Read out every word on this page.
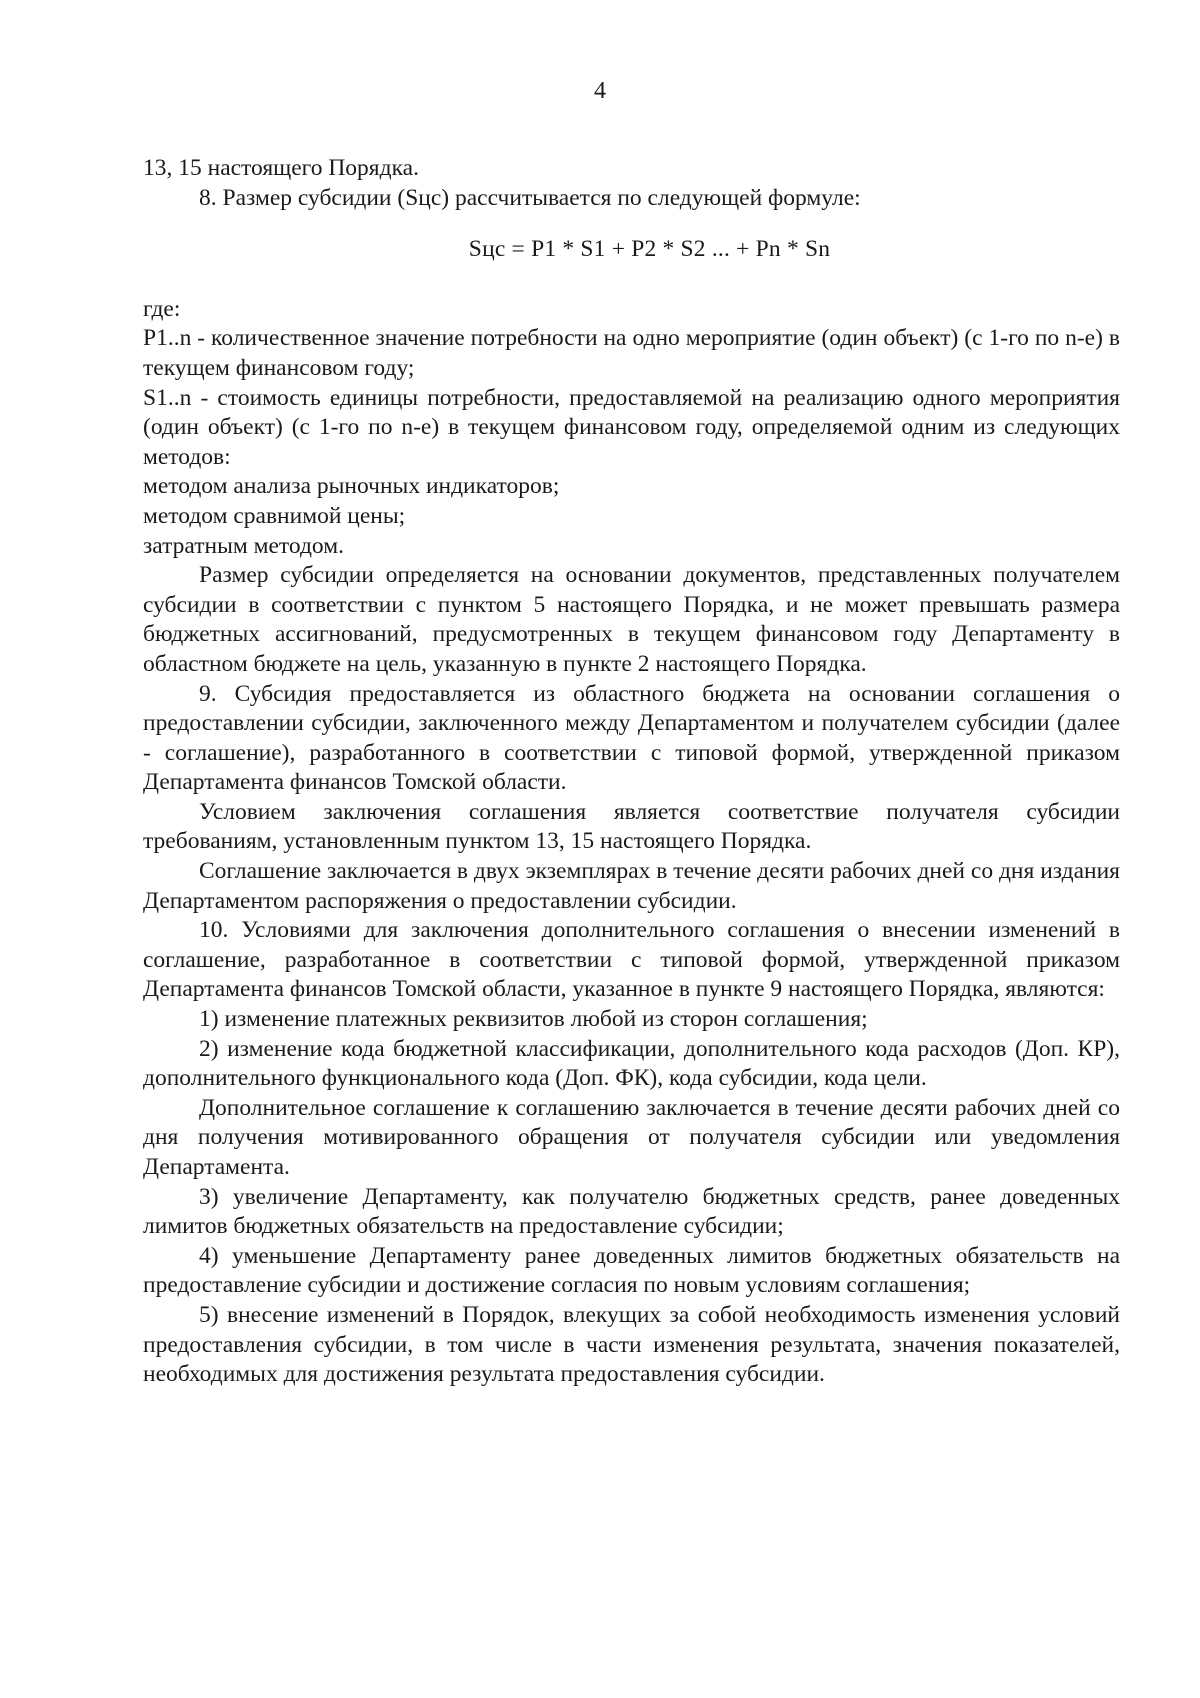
4

13, 15 настоящего Порядка.

8. Размер субсидии (Sцс) рассчитывается по следующей формуле:

Sцс = P1 * S1 + P2 * S2 ... + Pn * Sn

где:

P1..n - количественное значение потребности на одно мероприятие (один объект) (с 1-го по n-е) в текущем финансовом году;

S1..n - стоимость единицы потребности, предоставляемой на реализацию одного мероприятия (один объект) (с 1-го по n-е) в текущем финансовом году, определяемой одним из следующих методов:

методом анализа рыночных индикаторов;

методом сравнимой цены;

затратным методом.

Размер субсидии определяется на основании документов, представленных получателем субсидии в соответствии с пунктом 5 настоящего Порядка, и не может превышать размера бюджетных ассигнований, предусмотренных в текущем финансовом году Департаменту в областном бюджете на цель, указанную в пункте 2 настоящего Порядка.

9. Субсидия предоставляется из областного бюджета на основании соглашения о предоставлении субсидии, заключенного между Департаментом и получателем субсидии (далее - соглашение), разработанного в соответствии с типовой формой, утвержденной приказом Департамента финансов Томской области.

Условием заключения соглашения является соответствие получателя субсидии требованиям, установленным пунктом 13, 15 настоящего Порядка.

Соглашение заключается в двух экземплярах в течение десяти рабочих дней со дня издания Департаментом распоряжения о предоставлении субсидии.

10. Условиями для заключения дополнительного соглашения о внесении изменений в соглашение, разработанное в соответствии с типовой формой, утвержденной приказом Департамента финансов Томской области, указанное в пункте 9 настоящего Порядка, являются:

1) изменение платежных реквизитов любой из сторон соглашения;

2) изменение кода бюджетной классификации, дополнительного кода расходов (Доп. КР), дополнительного функционального кода (Доп. ФК), кода субсидии, кода цели.

Дополнительное соглашение к соглашению заключается в течение десяти рабочих дней со дня получения мотивированного обращения от получателя субсидии или уведомления Департамента.

3) увеличение Департаменту, как получателю бюджетных средств, ранее доведенных лимитов бюджетных обязательств на предоставление субсидии;

4) уменьшение Департаменту ранее доведенных лимитов бюджетных обязательств на предоставление субсидии и достижение согласия по новым условиям соглашения;

5) внесение изменений в Порядок, влекущих за собой необходимость изменения условий предоставления субсидии, в том числе в части изменения результата, значения показателей, необходимых для достижения результата предоставления субсидии.
